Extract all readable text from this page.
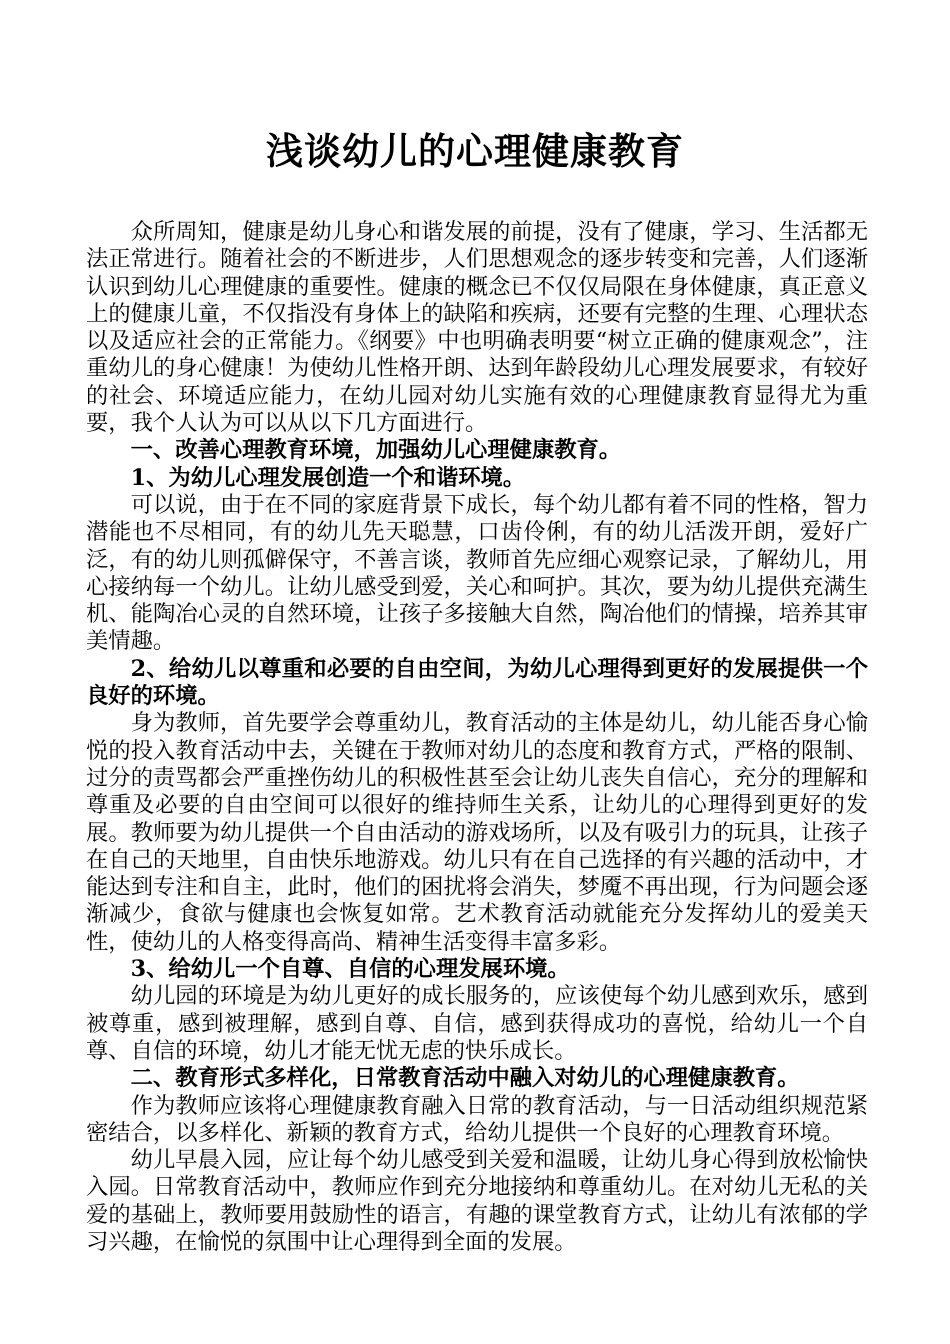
浅谈幼儿的心理健康教育

众所周知，健康是幼儿身心和谐发展的前提，没有了健康，学习、生活都无法正常进行。随着社会的不断进步，人们思想观念的逐步转变和完善，人们逐渐认识到幼儿心理健康的重要性。健康的概念已不仅仅局限在身体健康，真正意义上的健康儿童，不仅指没有身体上的缺陷和疾病，还要有完整的生理、心理状态以及适应社会的正常能力。《纲要》中也明确表明要“树立正确的健康观念”，注重幼儿的身心健康！为使幼儿性格开朗、达到年龄段幼儿心理发展要求，有较好的社会、环境适应能力，在幼儿园对幼儿实施有效的心理健康教育显得尤为重要，我个人认为可以从以下几方面进行。

一、改善心理教育环境，加强幼儿心理健康教育。

1、为幼儿心理发展创造一个和谐环境。

可以说，由于在不同的家庭背景下成长，每个幼儿都有着不同的性格，智力潜能也不尽相同，有的幼儿先天聪慧，口齿伶俐，有的幼儿活泼开朗，爱好广泛，有的幼儿则孤僻保守，不善言谈，教师首先应细心观察记录，了解幼儿，用心接纳每一个幼儿。让幼儿感受到爱，关心和呵护。其次，要为幼儿提供充满生机、能陶冶心灵的自然环境，让孩子多接触大自然，陶冶他们的情操，培养其审美情趣。

2、给幼儿以尊重和必要的自由空间，为幼儿心理得到更好的发展提供一个良好的环境。

身为教师，首先要学会尊重幼儿，教育活动的主体是幼儿，幼儿能否身心愉悦的投入教育活动中去，关键在于教师对幼儿的态度和教育方式，严格的限制、过分的责骂都会严重挫伤幼儿的积极性甚至会让幼儿丧失自信心，充分的理解和尊重及必要的自由空间可以很好的维持师生关系，让幼儿的心理得到更好的发展。教师要为幼儿提供一个自由活动的游戏场所，以及有吸引力的玩具，让孩子在自己的天地里，自由快乐地游戏。幼儿只有在自己选择的有兴趣的活动中，才能达到专注和自主，此时，他们的困扰将会消失，梦魇不再出现，行为问题会逐渐减少，食欲与健康也会恢复如常。艺术教育活动就能充分发挥幼儿的爱美天性，使幼儿的人格变得高尚、精神生活变得丰富多彩。

3、给幼儿一个自尊、自信的心理发展环境。

幼儿园的环境是为幼儿更好的成长服务的，应该使每个幼儿感到欢乐，感到被尊重，感到被理解，感到自尊、自信，感到获得成功的喜悦，给幼儿一个自尊、自信的环境，幼儿才能无忧无虑的快乐成长。

二、教育形式多样化，日常教育活动中融入对幼儿的心理健康教育。

作为教师应该将心理健康教育融入日常的教育活动，与一日活动组织规范紧密结合，以多样化、新颖的教育方式，给幼儿提供一个良好的心理教育环境。

幼儿早晨入园，应让每个幼儿感受到关爱和温暖，让幼儿身心得到放松愉快入园。日常教育活动中，教师应作到充分地接纳和尊重幼儿。在对幼儿无私的关爱的基础上，教师要用鼓励性的语言，有趣的课堂教育方式，让幼儿有浓郁的学习兴趣，在愉悦的氛围中让心理得到全面的发展。
